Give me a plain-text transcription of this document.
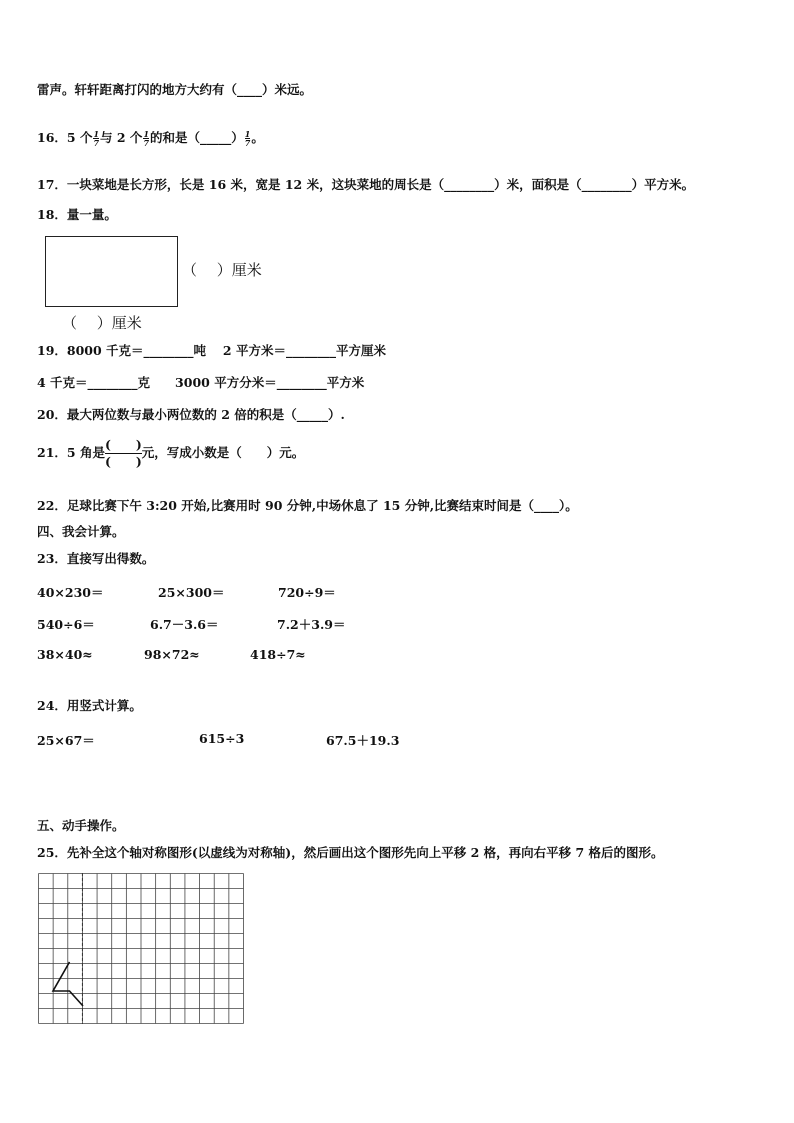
雷声。轩轩距离打闪的地方大约有（____）米远。
16．5 个 $\frac{1}{7}$ 与 2 个 $\frac{1}{7}$ 的和是（_____） $\frac{1}{7}$ 。
17．一块菜地是长方形，长是 16 米，宽是 12 米，这块菜地的周长是（________）米，面积是（________）平方米。
18．量一量。
（　 ）厘米
（　 ）厘米
19．8000 千克＝________吨　 2 平方米＝________平方厘米
4 千克＝________克　　3000 平方分米＝________平方米
20．最大两位数与最小两位数的 2 倍的积是（_____）.
21．5 角是
(　　)
(　　)
元，写成小数是（　　）元。
22．足球比赛下午 3:20 开始,比赛用时 90 分钟,中场休息了 15 分钟,比赛结束时间是（____）。
四、我会计算。
23．直接写出得数。
40×230＝	25×300＝	720÷9＝
540÷6＝	6.7－3.6＝	7.2＋3.9＝
38×40≈	98×72≈	418÷7≈
24．用竖式计算。
25×67＝	615÷3	67.5＋19.3
五、动手操作。
25．先补全这个轴对称图形(以虚线为对称轴)，然后画出这个图形先向上平移 2 格，再向右平移 7 格后的图形。
